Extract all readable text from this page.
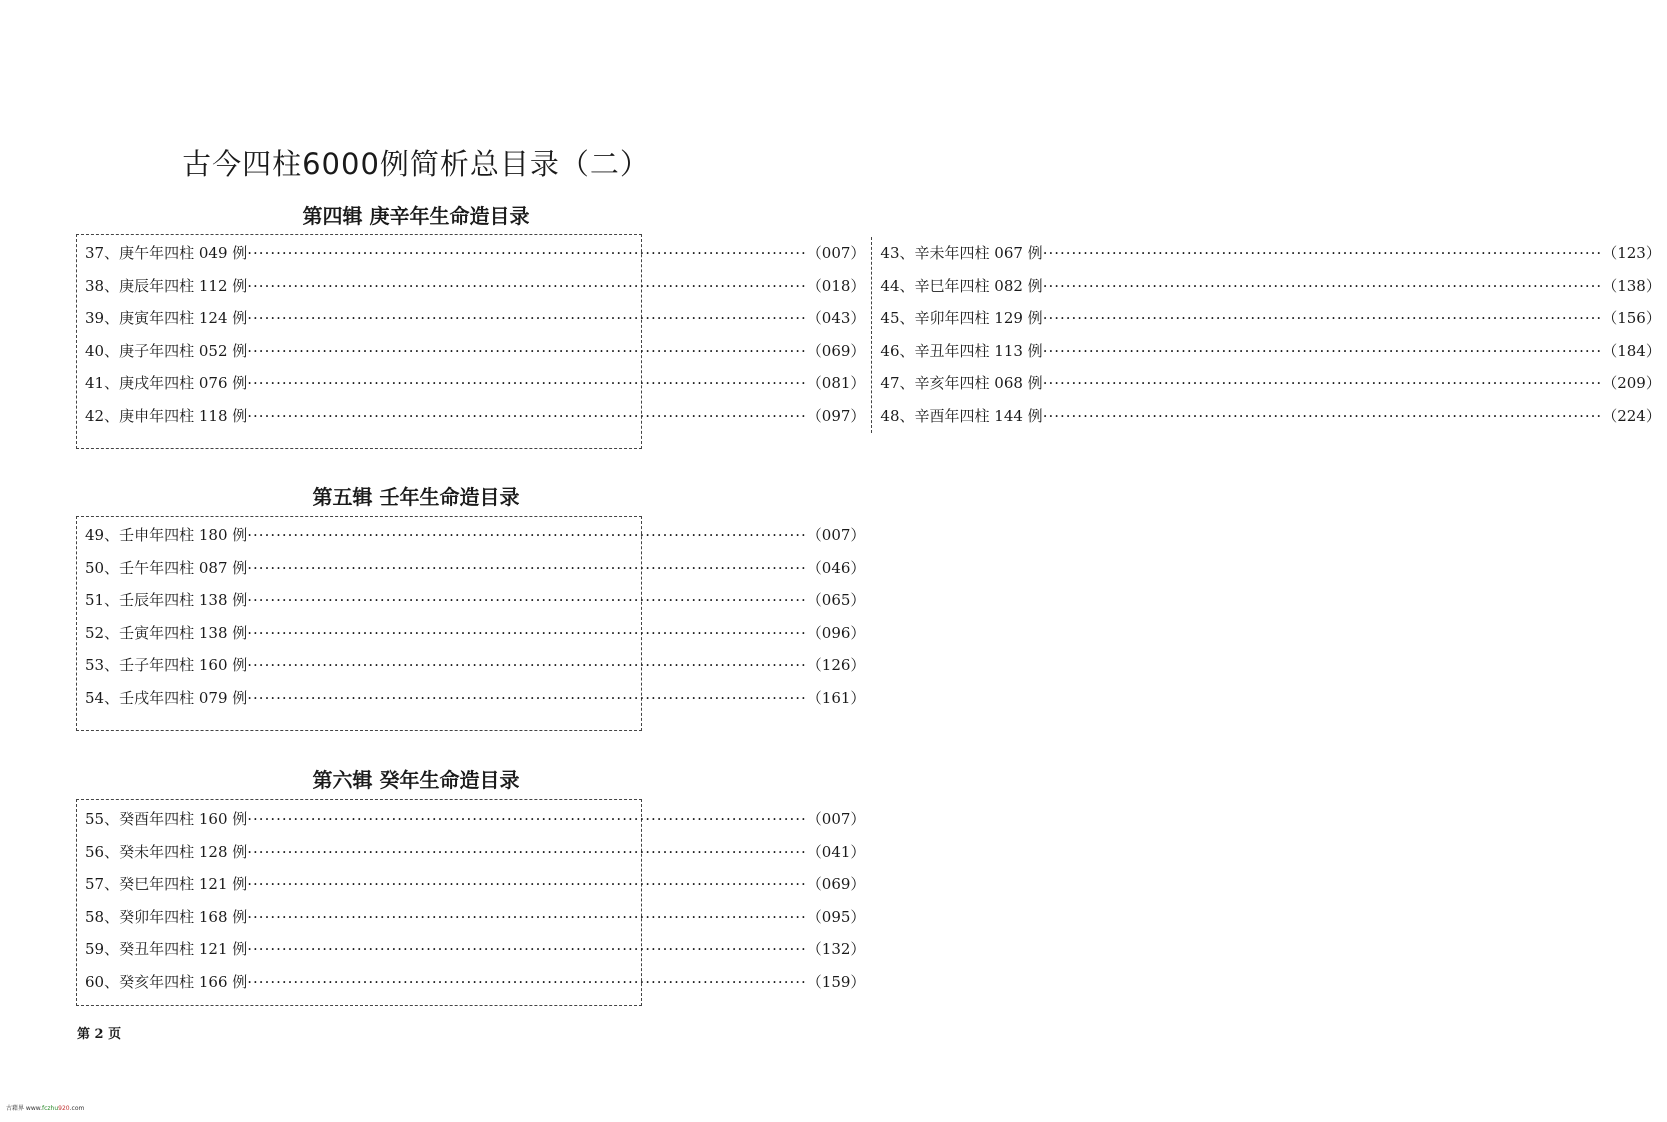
古今四柱6000例简析总目录（二）
第四辑 庚辛年生命造目录
37、庚午年四柱 049 例 ·····	（007）
38、庚辰年四柱 112 例 ·····	（018）
39、庚寅年四柱 124 例 ·····	（043）
40、庚子年四柱 052 例 ·····	（069）
41、庚戌年四柱 076 例 ·····	（081）
42、庚申年四柱 118 例 ·····	（097）
43、辛未年四柱 067 例 ·····	（123）
44、辛巳年四柱 082 例 ·····	（138）
45、辛卯年四柱 129 例 ·····	（156）
46、辛丑年四柱 113 例 ·····	（184）
47、辛亥年四柱 068 例 ·····	（209）
48、辛酉年四柱 144 例 ·····	（224）
第五辑 壬年生命造目录
49、壬申年四柱 180 例 ·····	（007）
50、壬午年四柱 087 例 ·····	（046）
51、壬辰年四柱 138 例 ·····	（065）
52、壬寅年四柱 138 例 ·····	（096）
53、壬子年四柱 160 例 ·····	（126）
54、壬戌年四柱 079 例 ·····	（161）
第六辑 癸年生命造目录
55、癸酉年四柱 160 例 ·····	（007）
56、癸未年四柱 128 例 ·····	（041）
57、癸巳年四柱 121 例 ·····	（069）
58、癸卯年四柱 168 例 ·····	（095）
59、癸丑年四柱 121 例 ·····	（132）
60、癸亥年四柱 166 例 ·····	（159）
第 2 页
古藉界 www.fczhu920.com
